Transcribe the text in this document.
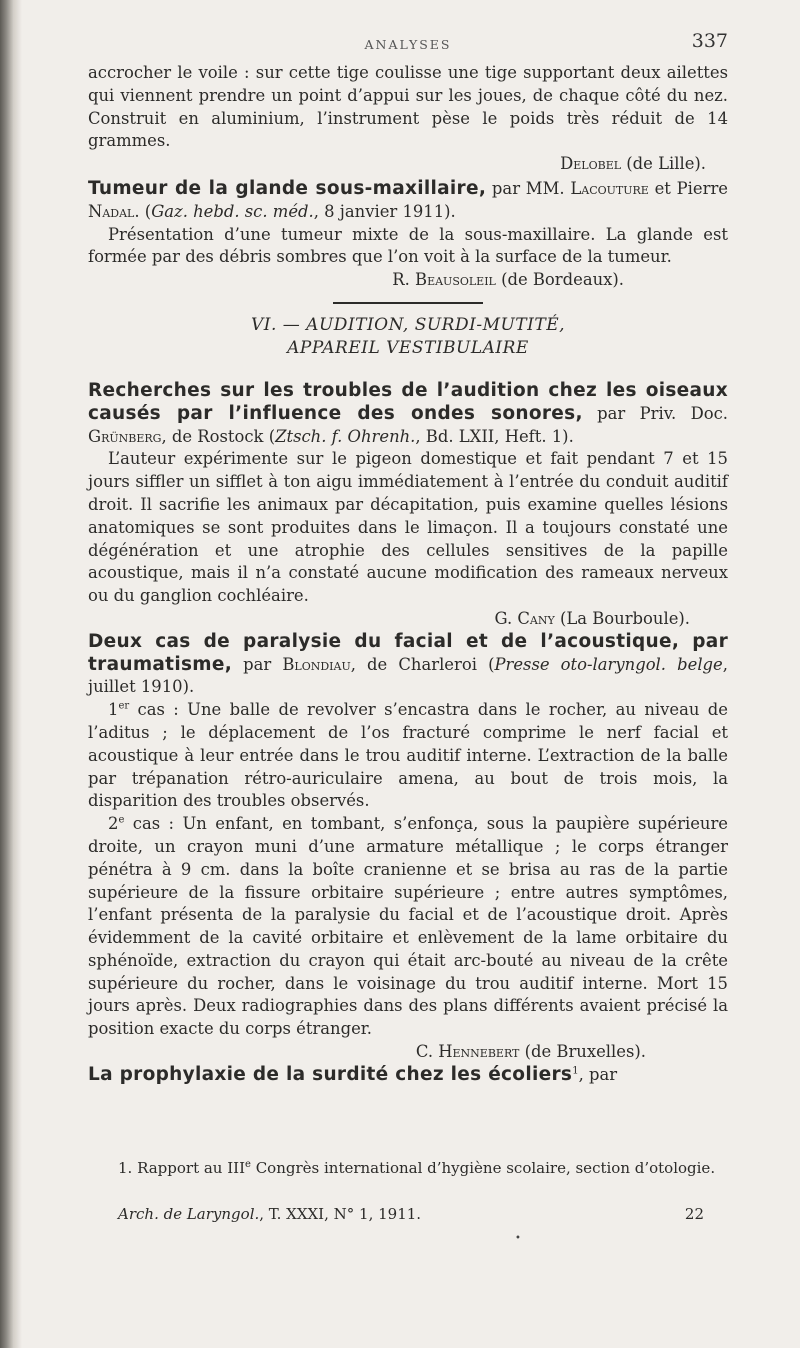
ANALYSES	337

accrocher le voile : sur cette tige coulisse une tige supportant deux ailettes qui viennent prendre un point d’appui sur les joues, de chaque côté du nez. Construit en aluminium, l’instrument pèse le poids très réduit de 14 grammes.

Delobel (de Lille).

Tumeur de la glande sous-maxillaire, par MM. Lacouture et Pierre Nadal. (Gaz. hebd. sc. méd., 8 janvier 1911).

Présentation d’une tumeur mixte de la sous-maxillaire. La glande est formée par des débris sombres que l’on voit à la surface de la tumeur.

R. Beausoleil (de Bordeaux).

VI. — AUDITION, SURDI-MUTITÉ,
APPAREIL VESTIBULAIRE

Recherches sur les troubles de l’audition chez les oiseaux causés par l’influence des ondes sonores, par Priv. Doc. Grünberg, de Rostock (Ztsch. f. Ohrenh., Bd. LXII, Heft. 1).

L’auteur expérimente sur le pigeon domestique et fait pendant 7 et 15 jours siffler un sifflet à ton aigu immédiatement à l’entrée du conduit auditif droit. Il sacrifie les animaux par décapitation, puis examine quelles lésions anatomiques se sont produites dans le limaçon. Il a toujours constaté une dégénération et une atrophie des cellules sensitives de la papille acoustique, mais il n’a constaté aucune modification des rameaux nerveux ou du ganglion cochléaire.

G. Cany (La Bourboule).

Deux cas de paralysie du facial et de l’acoustique, par traumatisme, par Blondiau, de Charleroi (Presse oto-laryngol. belge, juillet 1910).

1er cas : Une balle de revolver s’encastra dans le rocher, au niveau de l’aditus ; le déplacement de l’os fracturé comprime le nerf facial et acoustique à leur entrée dans le trou auditif interne. L’extraction de la balle par trépanation rétro-auriculaire amena, au bout de trois mois, la disparition des troubles observés.

2e cas : Un enfant, en tombant, s’enfonça, sous la paupière supérieure droite, un crayon muni d’une armature métallique ; le corps étranger pénétra à 9 cm. dans la boîte cranienne et se brisa au ras de la partie supérieure de la fissure orbitaire supérieure ; entre autres symptômes, l’enfant présenta de la paralysie du facial et de l’acoustique droit. Après évidemment de la cavité orbitaire et enlèvement de la lame orbitaire du sphénoïde, extraction du crayon qui était arc-bouté au niveau de la crête supérieure du rocher, dans le voisinage du trou auditif interne. Mort 15 jours après. Deux radiographies dans des plans différents avaient précisé la position exacte du corps étranger.

C. Hennebert (de Bruxelles).

La prophylaxie de la surdité chez les écoliers$^1$, par

1. Rapport au IIIe Congrès international d’hygiène scolaire, section d’otologie.

Arch. de Laryngol., T. XXXI, N° 1, 1911.	22
•
